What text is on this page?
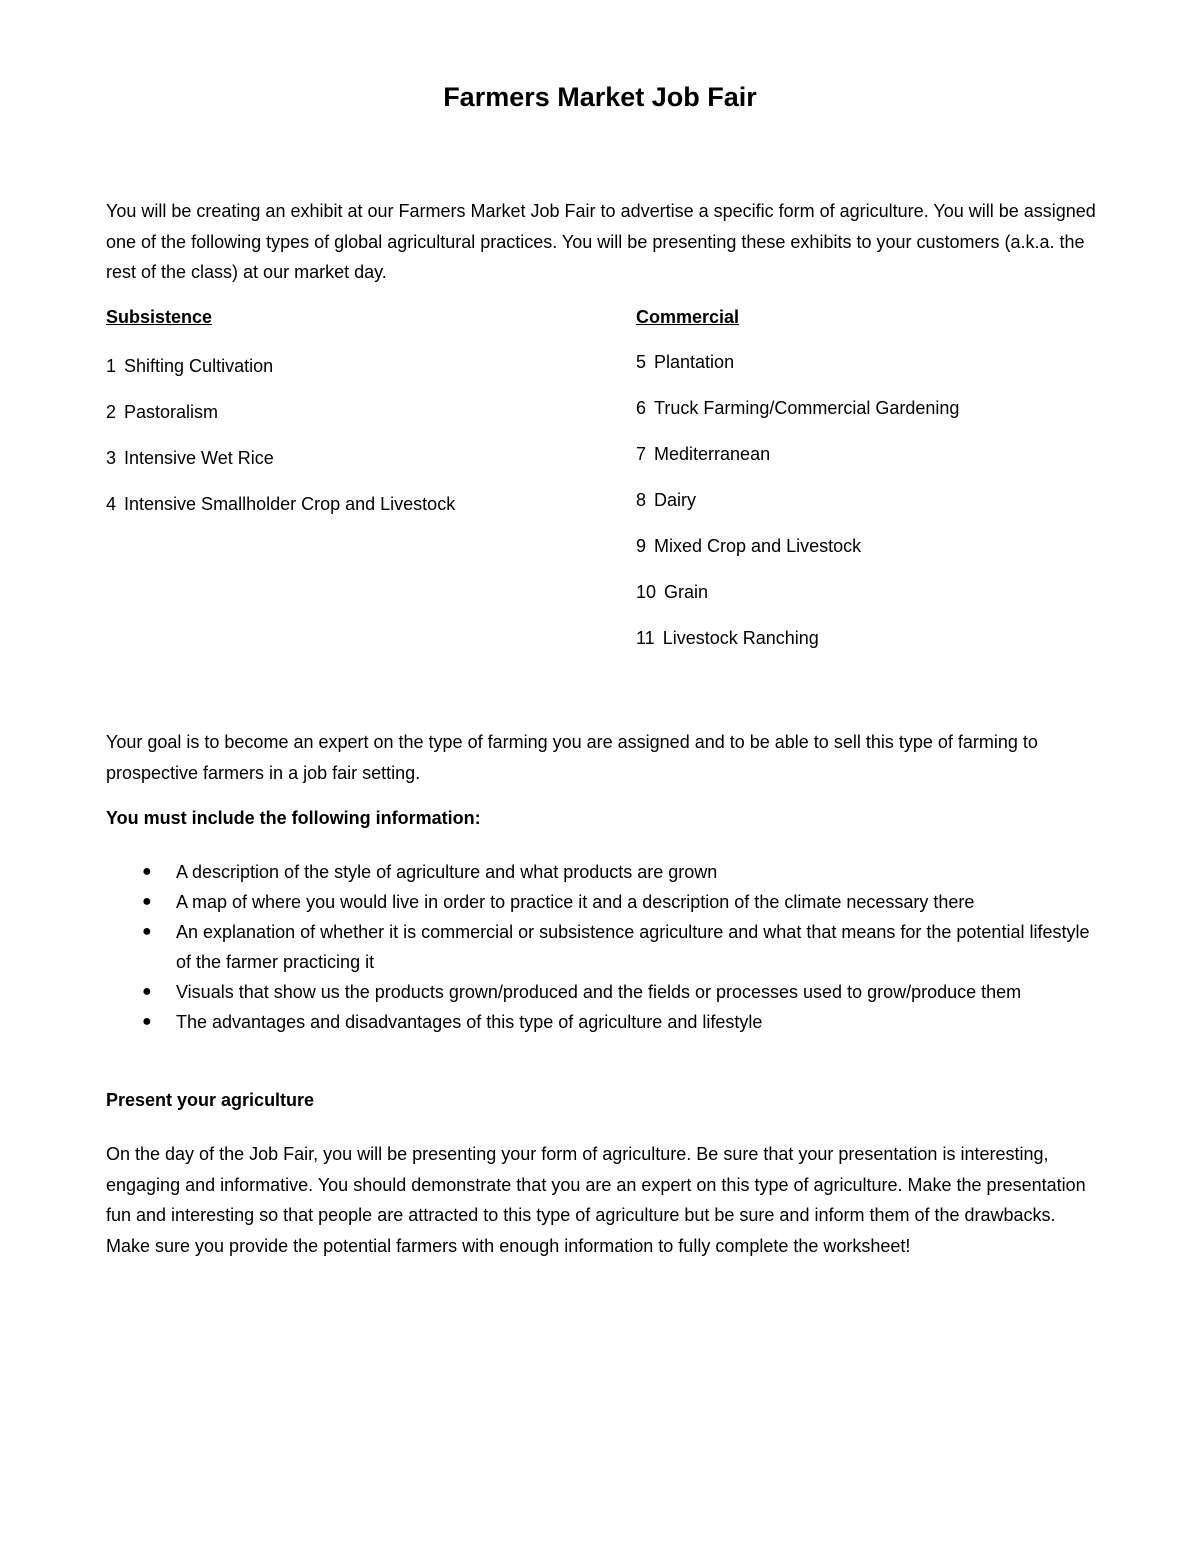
Farmers Market Job Fair

You will be creating an exhibit at our Farmers Market Job Fair to advertise a specific form of agriculture. You will be assigned one of the following types of global agricultural practices. You will be presenting these exhibits to your customers (a.k.a. the rest of the class) at our market day.

Subsistence	Commercial

1 Shifting Cultivation

2 Pastoralism

3 Intensive Wet Rice

4 Intensive Smallholder Crop and Livestock

5 Plantation

6 Truck Farming/Commercial Gardening

7 Mediterranean

8 Dairy

9 Mixed Crop and Livestock

10 Grain

11 Livestock Ranching

Your goal is to become an expert on the type of farming you are assigned and to be able to sell this type of farming to prospective farmers in a job fair setting.

You must include the following information:

● A description of the style of agriculture and what products are grown
● A map of where you would live in order to practice it and a description of the climate necessary there
● An explanation of whether it is commercial or subsistence agriculture and what that means for the potential lifestyle of the farmer practicing it
● Visuals that show us the products grown/produced and the fields or processes used to grow/produce them
● The advantages and disadvantages of this type of agriculture and lifestyle

Present your agriculture

On the day of the Job Fair, you will be presenting your form of agriculture. Be sure that your presentation is interesting, engaging and informative. You should demonstrate that you are an expert on this type of agriculture. Make the presentation fun and interesting so that people are attracted to this type of agriculture but be sure and inform them of the drawbacks. Make sure you provide the potential farmers with enough information to fully complete the worksheet!
